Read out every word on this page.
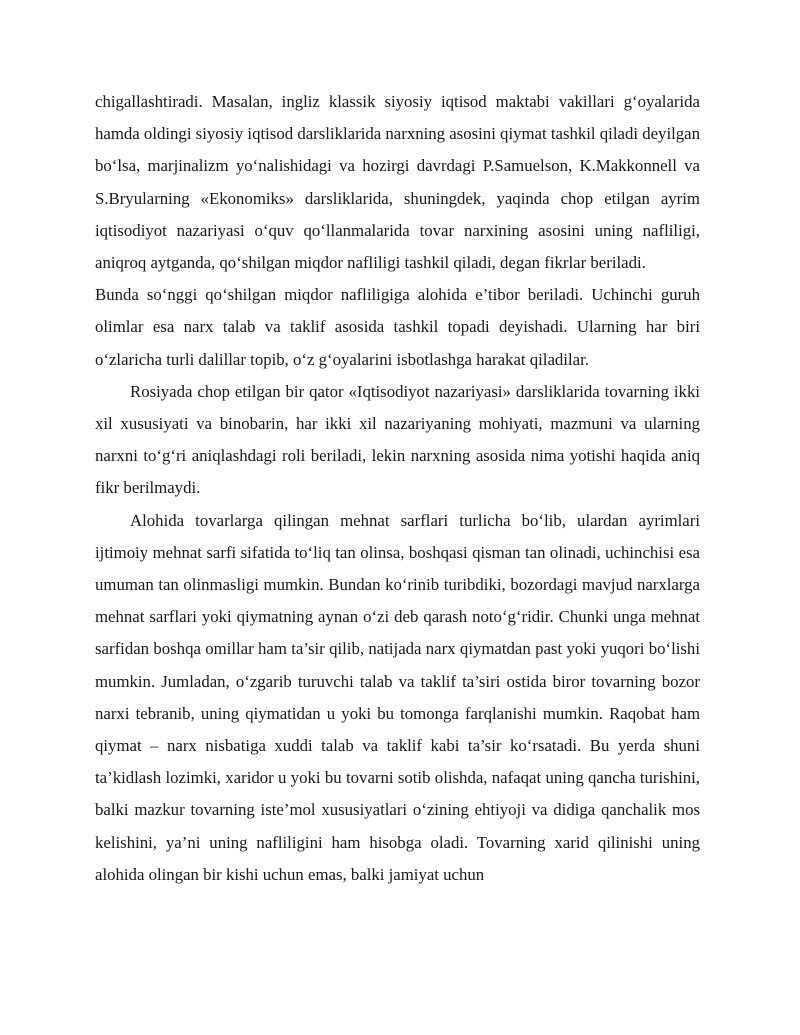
chigallashtiradi. Masalan, ingliz klassik siyosiy iqtisod maktabi vakillari g‘oyalarida hamda oldingi siyosiy iqtisod darsliklarida narxning asosini qiymat tashkil qiladi deyilgan bo‘lsa, marjinalizm yo‘nalishidagi va hozirgi davrdagi P.Samuelson, K.Makkonnell va S.Bryularning «Ekonomiks» darsliklarida, shuningdek, yaqinda chop etilgan ayrim iqtisodiyot nazariyasi o‘quv qo‘llanmalarida tovar narxining asosini uning nafliligi, aniqroq aytganda, qo‘shilgan miqdor nafliligi tashkil qiladi, degan fikrlar beriladi.

Bunda so‘nggi qo‘shilgan miqdor nafliligiga alohida e’tibor beriladi. Uchinchi guruh olimlar esa narx talab va taklif asosida tashkil topadi deyishadi. Ularning har biri o‘zlaricha turli dalillar topib, o‘z g‘oyalarini isbotlashga harakat qiladilar.

Rosiyada chop etilgan bir qator «Iqtisodiyot nazariyasi» darsliklarida tovarning ikki xil xususiyati va binobarin, har ikki xil nazariyaning mohiyati, mazmuni va ularning narxni to‘g‘ri aniqlashdagi roli beriladi, lekin narxning asosida nima yotishi haqida aniq fikr berilmaydi.

Alohida tovarlarga qilingan mehnat sarflari turlicha bo‘lib, ulardan ayrimlari ijtimoiy mehnat sarfi sifatida to‘liq tan olinsa, boshqasi qisman tan olinadi, uchinchisi esa umuman tan olinmasligi mumkin. Bundan ko‘rinib turibdiki, bozordagi mavjud narxlarga mehnat sarflari yoki qiymatning aynan o‘zi deb qarash noto‘g‘ridir. Chunki unga mehnat sarfidan boshqa omillar ham ta’sir qilib, natijada narx qiymatdan past yoki yuqori bo‘lishi mumkin. Jumladan, o‘zgarib turuvchi talab va taklif ta’siri ostida biror tovarning bozor narxi tebranib, uning qiymatidan u yoki bu tomonga farqlanishi mumkin. Raqobat ham qiymat – narx nisbatiga xuddi talab va taklif kabi ta’sir ko‘rsatadi. Bu yerda shuni ta’kidlash lozimki, xaridor u yoki bu tovarni sotib olishda, nafaqat uning qancha turishini, balki mazkur tovarning iste’mol xususiyatlari o‘zining ehtiyoji va didiga qanchalik mos kelishini, ya’ni uning nafliligini ham hisobga oladi. Tovarning xarid qilinishi uning alohida olingan bir kishi uchun emas, balki jamiyat uchun
